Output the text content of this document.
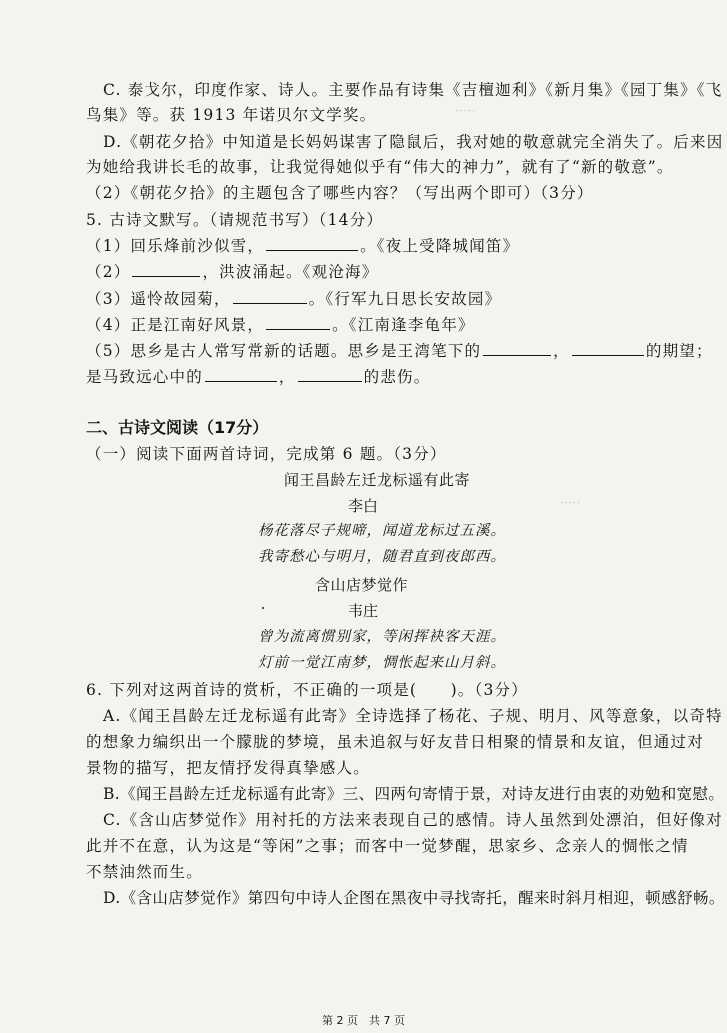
·····
·····
C. 泰戈尔，印度作家、诗人。主要作品有诗集《吉檀迦利》《新月集》《园丁集》《飞
鸟集》等。获 1913 年诺贝尔文学奖。
D.《朝花夕拾》中知道是长妈妈谋害了隐鼠后，我对她的敬意就完全消失了。后来因
为她给我讲长毛的故事，让我觉得她似乎有“伟大的神力”，就有了“新的敬意”。
（2）《朝花夕拾》的主题包含了哪些内容？（写出两个即可）（3分）
5. 古诗文默写。（请规范书写）（14分）
（1）回乐烽前沙似雪，	。《夜上受降城闻笛》
（2）	，洪波涌起。《观沧海》
（3）遥怜故园菊，	。《行军九日思长安故园》
（4）正是江南好风景，	。《江南逢李龟年》
（5）思乡是古人常写常新的话题。思乡是王湾笔下的	，	的期望；
是马致远心中的	，	的悲伤。
二、古诗文阅读（17分）
（一）阅读下面两首诗词，完成第 6 题。（3分）
闻王昌龄左迁龙标遥有此寄
李白
杨花落尽子规啼，闻道龙标过五溪。
我寄愁心与明月，随君直到夜郎西。
含山店梦觉作
韦庄
曾为流离惯别家，等闲挥袂客天涯。
灯前一觉江南梦，惆怅起来山月斜。
6. 下列对这两首诗的赏析，不正确的一项是(　　)。（3分）
A.《闻王昌龄左迁龙标遥有此寄》全诗选择了杨花、子规、明月、风等意象，以奇特
的想象力编织出一个朦胧的梦境，虽未追叙与好友昔日相聚的情景和友谊，但通过对
景物的描写，把友情抒发得真挚感人。
B.《闻王昌龄左迁龙标遥有此寄》三、四两句寄情于景，对诗友进行由衷的劝勉和宽慰。
C.《含山店梦觉作》用衬托的方法来表现自己的感情。诗人虽然到处漂泊，但好像对
此并不在意，认为这是“等闲”之事；而客中一觉梦醒，思家乡、念亲人的惆怅之情
不禁油然而生。
D.《含山店梦觉作》第四句中诗人企图在黑夜中寻找寄托，醒来时斜月相迎，顿感舒畅。
第 2 页　共 7 页
